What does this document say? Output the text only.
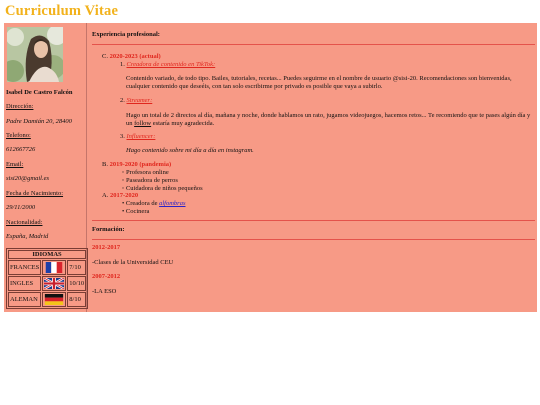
Curriculum Vitae
Isabel De Castro Falcón
Dirección:
Padre Damián 20, 28400
Telefono:
612667726
Email:
sisi20@gmail.es
Fecha de Nacimiento:
29/11/2000
Nacionalidad:
España, Madrid
IDIOMAS		
FRANCES		7/10
INGLES		10/10
ALEMAN		8/10
Experiencia profesional:
C. 2020-2023 (actual)
1. Creadora de contenido en TikTok:
Contenido variado, de todo tipo. Bailes, tutoriales, recetas... Puedes seguirme en el nombre de usuario @sisi-20. Recomendaciones son bienvenidas, cualquier contenido que deseéis, con tan solo escribirme por privado es posible que vaya a subirlo.
2. Streamer:
Hago un total de 2 directos al día, mañana y noche, donde hablamos un rato, jugamos videojuegos, hacemos retos... Te recomiendo que te pases algún día y un follow estaría muy agradecida.
3. Influencer:
Hago contenido sobre mi día a día en instagram.
B. 2019-2020 (pandemia)
◦ Profesora online
◦ Paseadora de perros
◦ Cuidadora de niños pequeños
A. 2017-2020
• Creadora de alfombras
• Cocinera
Formación:
2012-2017
-Clases de la Universidad CEU
2007-2012
-LA ESO
